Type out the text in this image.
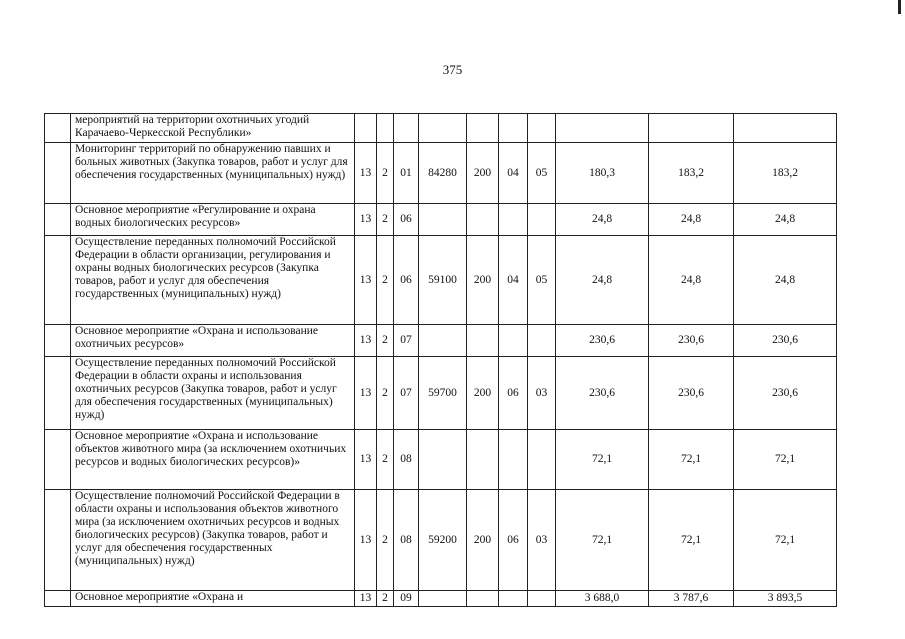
375
	мероприятий на территории охотничьих угодий Карачаево-Черкесской Республики»										
	Мониторинг территорий по обнаружению павших и больных животных (Закупка товаров, работ и услуг для обеспечения государственных (муниципальных) нужд)	13	2	01	84280	200	04	05	180,3	183,2	183,2
	Основное мероприятие «Регулирование и охрана водных биологических ресурсов»	13	2	06					24,8	24,8	24,8
	Осуществление переданных полномочий Российской Федерации в области организации, регулирования и охраны водных биологических ресурсов (Закупка товаров, работ и услуг для обеспечения государственных (муниципальных) нужд)	13	2	06	59100	200	04	05	24,8	24,8	24,8
	Основное мероприятие «Охрана и использование охотничьих ресурсов»	13	2	07					230,6	230,6	230,6
	Осуществление переданных полномочий Российской Федерации в области охраны и использования охотничьих ресурсов (Закупка товаров, работ и услуг для обеспечения государственных (муниципальных) нужд)	13	2	07	59700	200	06	03	230,6	230,6	230,6
	Основное мероприятие «Охрана и использование объектов животного мира (за исключением охотничьих ресурсов и водных биологических ресурсов)»	13	2	08					72,1	72,1	72,1
	Осуществление полномочий Российской Федерации в области охраны и использования объектов животного мира (за исключением охотничьих ресурсов и водных биологических ресурсов) (Закупка товаров, работ и услуг для обеспечения государственных (муниципальных) нужд)	13	2	08	59200	200	06	03	72,1	72,1	72,1
	Основное мероприятие «Охрана и	13	2	09					3 688,0	3 787,6	3 893,5
